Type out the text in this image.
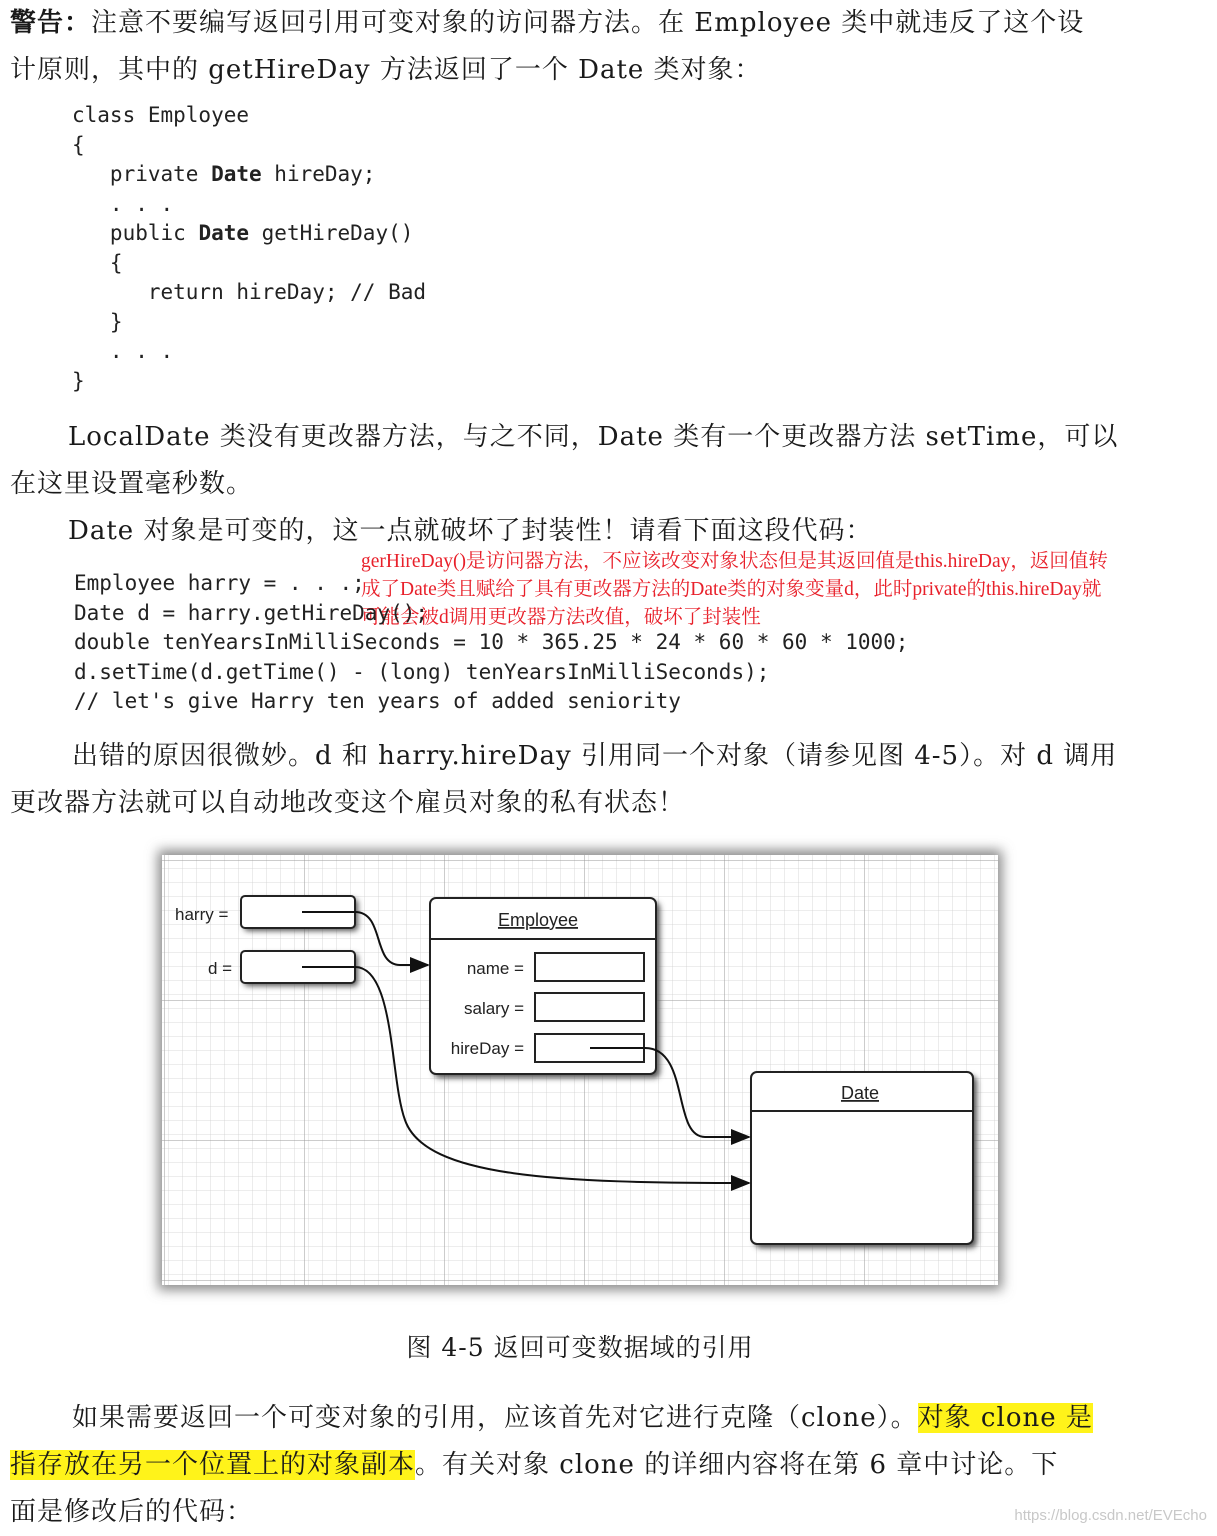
警告：注意不要编写返回引用可变对象的访问器方法。在 Employee 类中就违反了这个设
计原则，其中的 getHireDay 方法返回了一个 Date 类对象：
class Employee
{
private Date hireDay;
. . .
public Date getHireDay()
{
return hireDay; // Bad
}
. . .
}
LocalDate 类没有更改器方法，与之不同，Date 类有一个更改器方法 setTime，可以
在这里设置毫秒数。
Date 对象是可变的，这一点就破坏了封装性！请看下面这段代码：
gerHireDay()是访问器方法，不应该改变对象状态但是其返回值是this.hireDay，返回值转
成了Date类且赋给了具有更改器方法的Date类的对象变量d，此时private的this.hireDay就
可能会被d调用更改器方法改值，破坏了封装性
Employee harry = . . .;
Date d = harry.getHireDay();
double tenYearsInMilliSeconds = 10 * 365.25 * 24 * 60 * 60 * 1000;
d.setTime(d.getTime() - (long) tenYearsInMilliSeconds);
// let's give Harry ten years of added seniority
出错的原因很微妙。d 和 harry.hireDay 引用同一个对象（请参见图 4-5）。对 d 调用
更改器方法就可以自动地改变这个雇员对象的私有状态！
harry =
d =
Employee
name =
salary =
hireDay =
Date
图 4-5 返回可变数据域的引用
如果需要返回一个可变对象的引用，应该首先对它进行克隆（clone）。对象 clone 是
指存放在另一个位置上的对象副本。有关对象 clone 的详细内容将在第 6 章中讨论。下
面是修改后的代码：	https://blog.csdn.net/EVEcho
